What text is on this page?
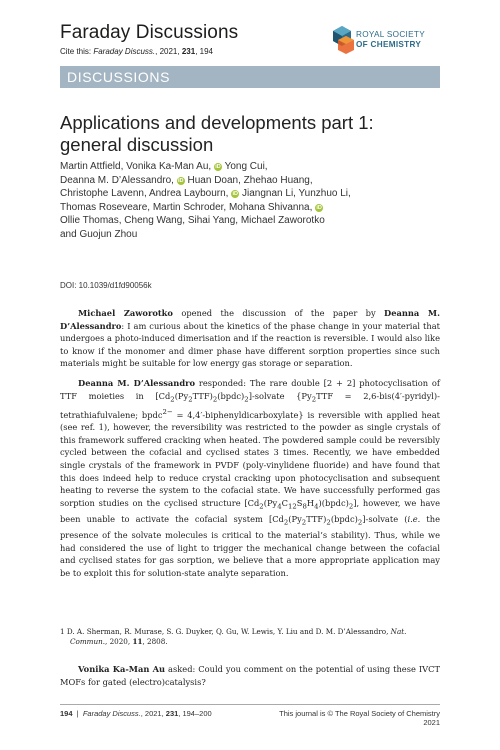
Faraday Discussions
Cite this: Faraday Discuss., 2021, 231, 194
ROYAL SOCIETY
OF CHEMISTRY
DISCUSSIONS
Applications and developments part 1:
general discussion
Martin Attfield, Vonika Ka-Man Au, iD Yong Cui,
Deanna M. D’Alessandro, iD Huan Doan, Zhehao Huang,
Christophe Lavenn, Andrea Laybourn, iD Jiangnan Li, Yunzhuo Li,
Thomas Roseveare, Martin Schroder, Mohana Shivanna, iD
Ollie Thomas, Cheng Wang, Sihai Yang, Michael Zaworotko
and Guojun Zhou
DOI: 10.1039/d1fd90056k
Michael Zaworotko opened the discussion of the paper by Deanna M. D’Alessandro: I am curious about the kinetics of the phase change in your material that undergoes a photo-induced dimerisation and if the reaction is reversible. I would also like to know if the monomer and dimer phase have different sorption properties since such materials might be suitable for low energy gas storage or separation.
Deanna M. D’Alessandro responded: The rare double [2 + 2] photocyclisation of TTF moieties in $[Cd_2(Py_2TTF)_2(bpdc)_2]$-solvate {$Py_2TTF$ = 2,6-bis(4′-pyridyl)-tetrathiafulvalene; bpdc$^{2-}$ = 4,4′-biphenyldicarboxylate} is reversible with applied heat (see ref. 1), however, the reversibility was restricted to the powder as single crystals of this framework suffered cracking when heated. The powdered sample could be reversibly cycled between the cofacial and cyclised states 3 times. Recently, we have embedded single crystals of the framework in PVDF (poly-vinylidene fluoride) and have found that this does indeed help to reduce crystal cracking upon photocyclisation and subsequent heating to reverse the system to the cofacial state. We have successfully performed gas sorption studies on the cyclised structure $[Cd_2(Py_4C_{12}S_8H_4)(bpdc)_2]$, however, we have been unable to activate the cofacial system $[Cd_2(Py_2TTF)_2(bpdc)_2]$-solvate (i.e. the presence of the solvate molecules is critical to the material’s stability). Thus, while we had considered the use of light to trigger the mechanical change between the cofacial and cyclised states for gas sorption, we believe that a more appropriate application may be to exploit this for solution-state analyte separation.
1 D. A. Sherman, R. Murase, S. G. Duyker, Q. Gu, W. Lewis, Y. Liu and D. M. D’Alessandro, Nat. Commun., 2020, 11, 2808.
Vonika Ka-Man Au asked: Could you comment on the potential of using these IVCT MOFs for gated (electro)catalysis?
194  |  Faraday Discuss., 2021, 231, 194–200	This journal is © The Royal Society of Chemistry 2021
